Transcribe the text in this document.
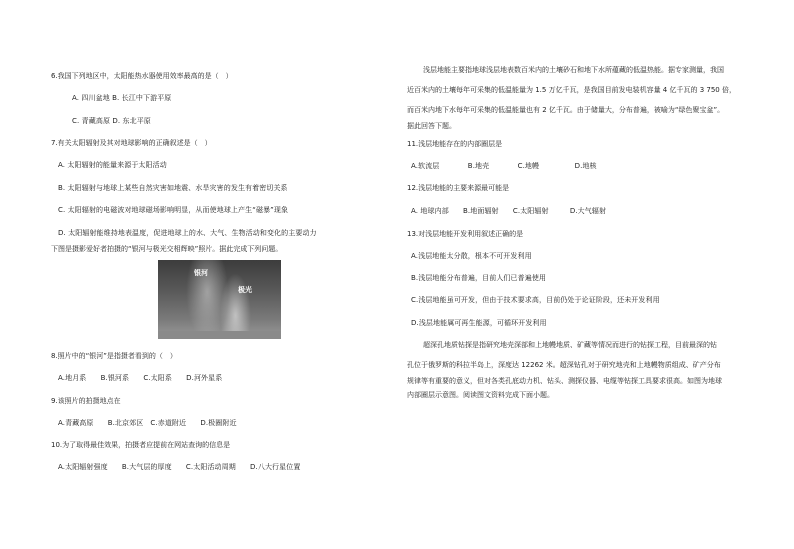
6.我国下列地区中，太阳能热水器使用效率最高的是（　）
A. 四川盆地 B. 长江中下游平原
C. 青藏高原 D. 东北平原
7.有关太阳辐射及其对地球影响的正确叙述是（　）
A. 太阳辐射的能量来源于太阳活动
B. 太阳辐射与地球上某些自然灾害如地震、水旱灾害的发生有着密切关系
C. 太阳辐射的电磁波对地球磁场影响明显，从而使地球上产生“磁暴”现象
D. 太阳辐射能维持地表温度，促进地球上的水、大气、生物活动和变化的主要动力
下图是摄影爱好者拍摄的“银河与极光交相辉映”照片。据此完成下列问题。
银河
极光
8.照片中的“银河”是指摄者看到的（　）
A.地月系　　B.银河系　　C.太阳系　　D.河外星系
9.该照片的拍摄地点在
A.青藏高原　　B.北京郊区　C.赤道附近　　D.极圈附近
10.为了取得最佳效果，拍摄者应提前在网站查询的信息是
A.太阳辐射强度　　B.大气层的厚度　　C.太阳活动周期　　D.八大行星位置
浅层地能主要指地球浅层地表数百米内的土壤砂石和地下水所蕴藏的低温热能。据专家测量，我国
近百米内的土壤每年可采集的低温能量为 1.5 万亿千瓦，是我国目前发电装机容量 4 亿千瓦的 3 750 倍，
而百米内地下水每年可采集的低温能量也有 2 亿千瓦。由于储量大，分布普遍，被喻为“绿色聚宝盆”。
据此回答下题。
11.浅层地能存在的内部圈层是
A.软流层　　　　B.地壳　　　　C.地幔　　　　　D.地核
12.浅层地能的主要来源最可能是
A. 地球内部　　B.地面辐射　　C.太阳辐射　　　D.大气辐射
13.对浅层地能开发利用叙述正确的是
A.浅层地能太分散，根本不可开发利用
B.浅层地能分布普遍，目前人们已普遍使用
C.浅层地能虽可开发，但由于技术要求高，目前仍处于论证阶段，还未开发利用
D.浅层地能属可再生能源，可循环开发利用
超深孔地质钻探是指研究地壳深部和上地幔地质、矿藏等情况而进行的钻探工程，目前最深的钻
孔位于俄罗斯的科拉半岛上，深度达 12262 米。超深钻孔对于研究地壳和上地幔物质组成、矿产分布
规律等有重要的意义，但对各类孔底动力机、钻头、测探仪器、电缆等钻探工具要求很高。如图为地球
内部圈层示意图。阅读图文资料完成下面小题。
